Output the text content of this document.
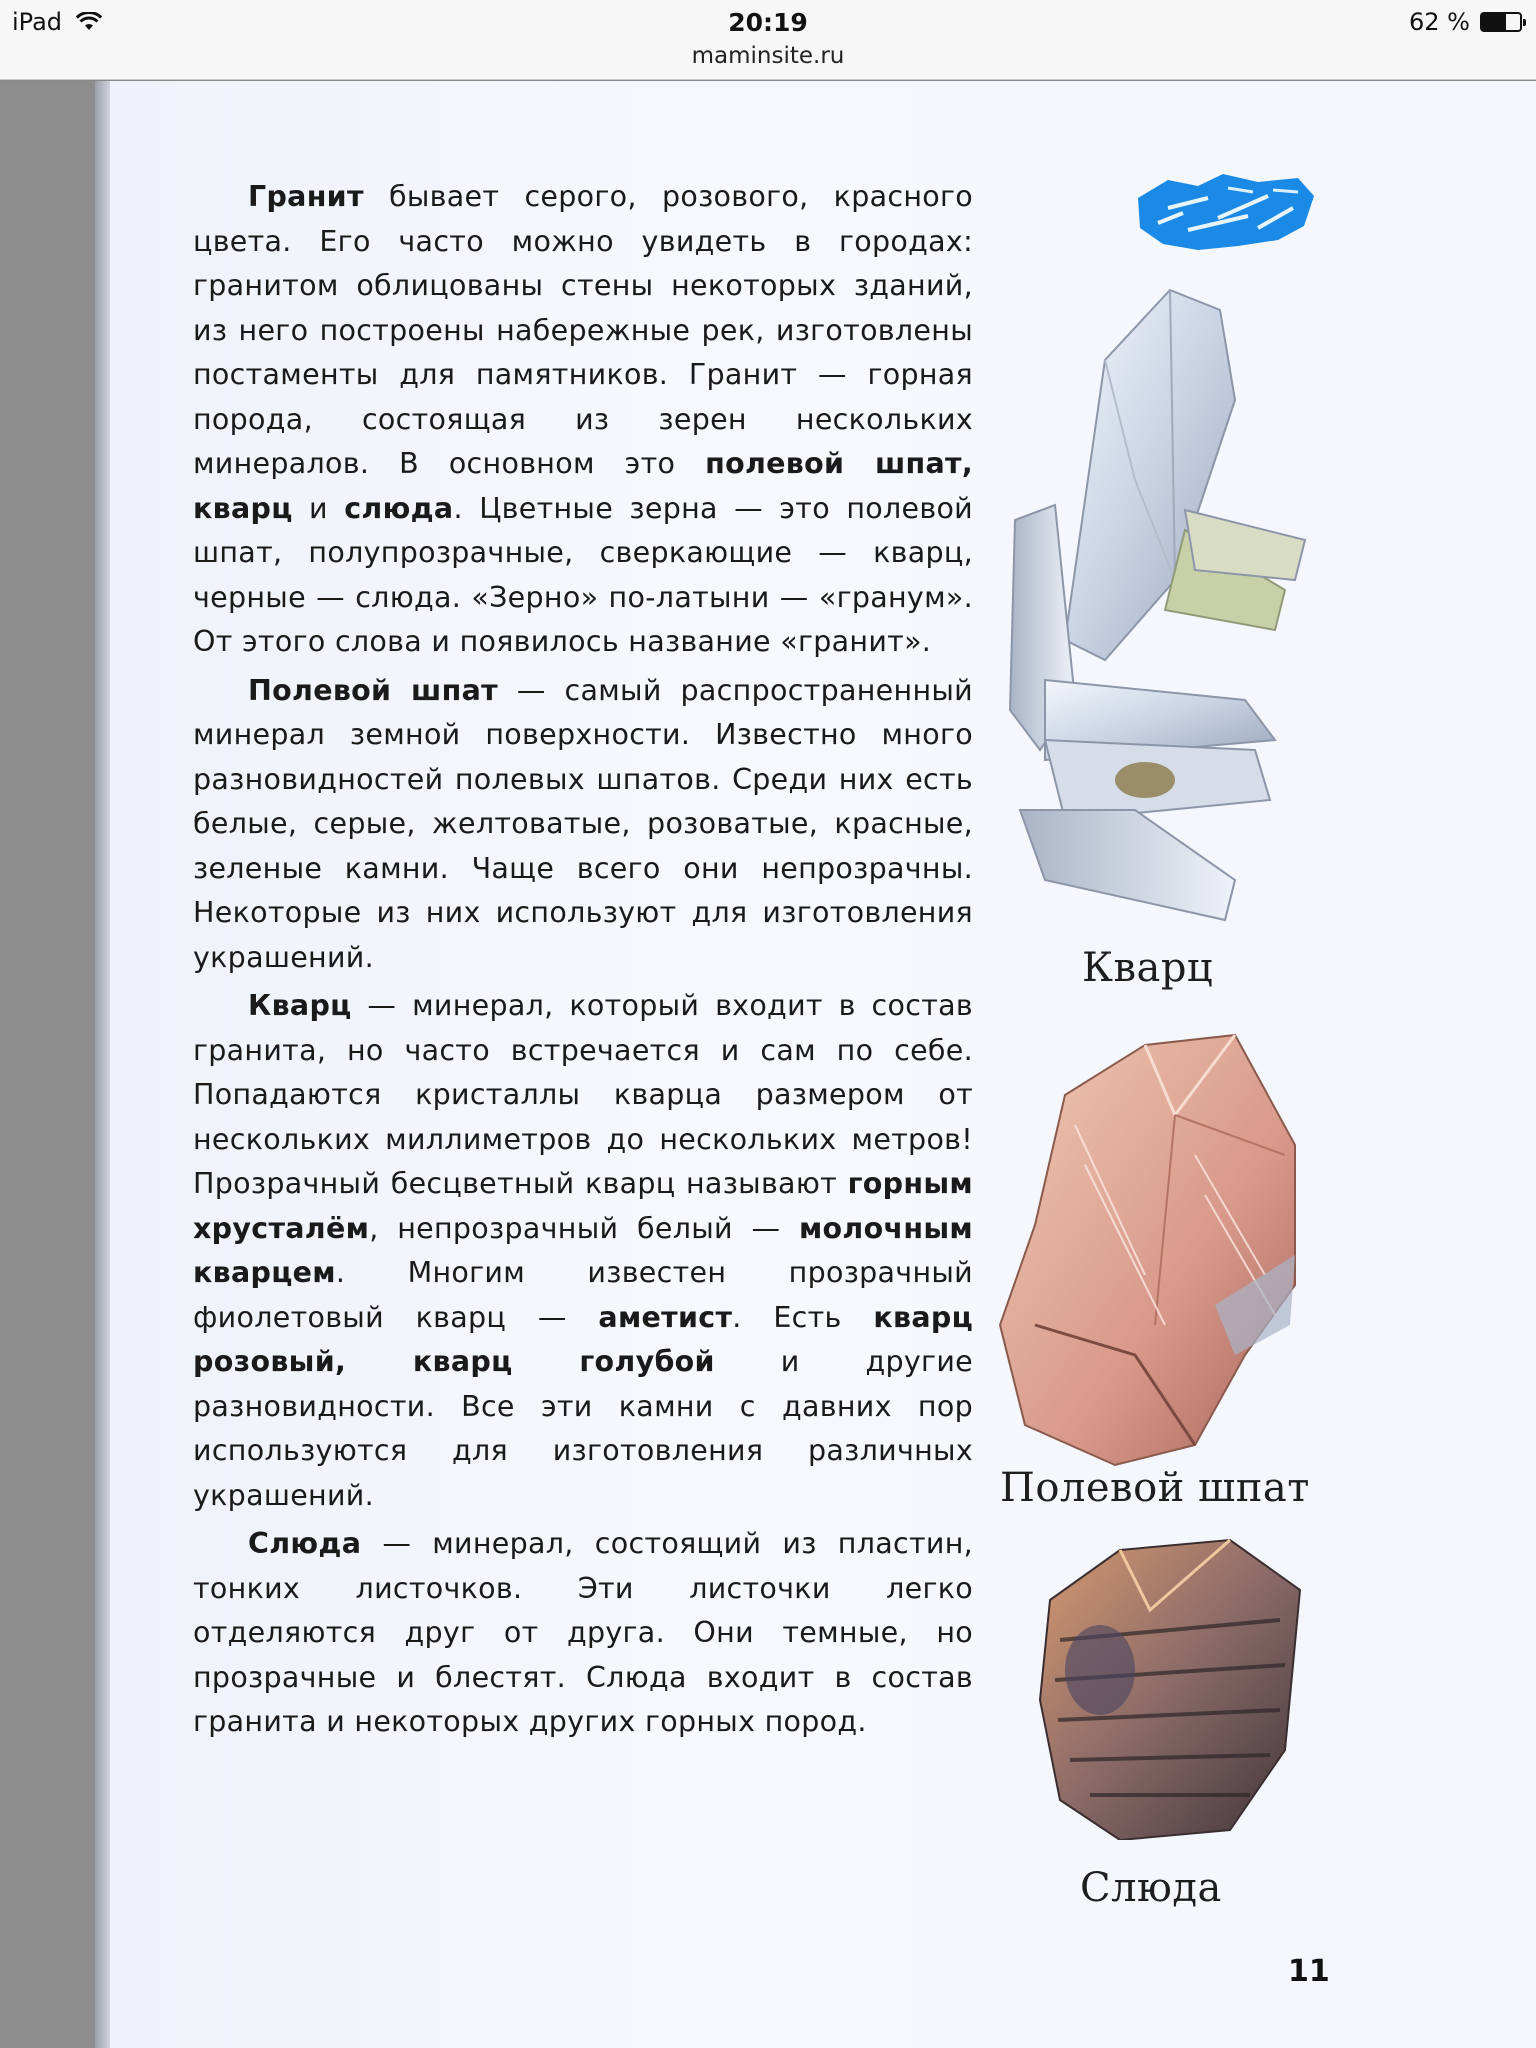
iPad	20:19
maminsite.ru
62 %

Гранит бывает серого, розового, красного цвета. Его часто можно увидеть в городах: гранитом облицованы стены некоторых зданий, из него построены набережные рек, изготовлены постаменты для памятников. Гранит — горная порода, состоящая из зерен нескольких минералов. В основном это полевой шпат, кварц и слюда. Цветные зерна — это полевой шпат, полупрозрачные, сверкающие — кварц, черные — слюда. «Зерно» по-латыни — «гранум». От этого слова и появилось название «гранит».

Полевой шпат — самый распространенный минерал земной поверхности. Известно много разновидностей полевых шпатов. Среди них есть белые, серые, желтоватые, розоватые, красные, зеленые камни. Чаще всего они непрозрачны. Некоторые из них используют для изготовления украшений.

Кварц — минерал, который входит в состав гранита, но часто встречается и сам по себе. Попадаются кристаллы кварца размером от нескольких миллиметров до нескольких метров! Прозрачный бесцветный кварц называют горным хрусталём, непрозрачный белый — молочным кварцем. Многим известен прозрачный фиолетовый кварц — аметист. Есть кварц розовый, кварц голубой и другие разновидности. Все эти камни с давних пор используются для изготовления различных украшений.

Слюда — минерал, состоящий из пластин, тонких листочков. Эти листочки легко отделяются друг от друга. Они темные, но прозрачные и блестят. Слюда входит в состав гранита и некоторых других горных пород.

Кварц
Полевой шпат
Слюда
11
